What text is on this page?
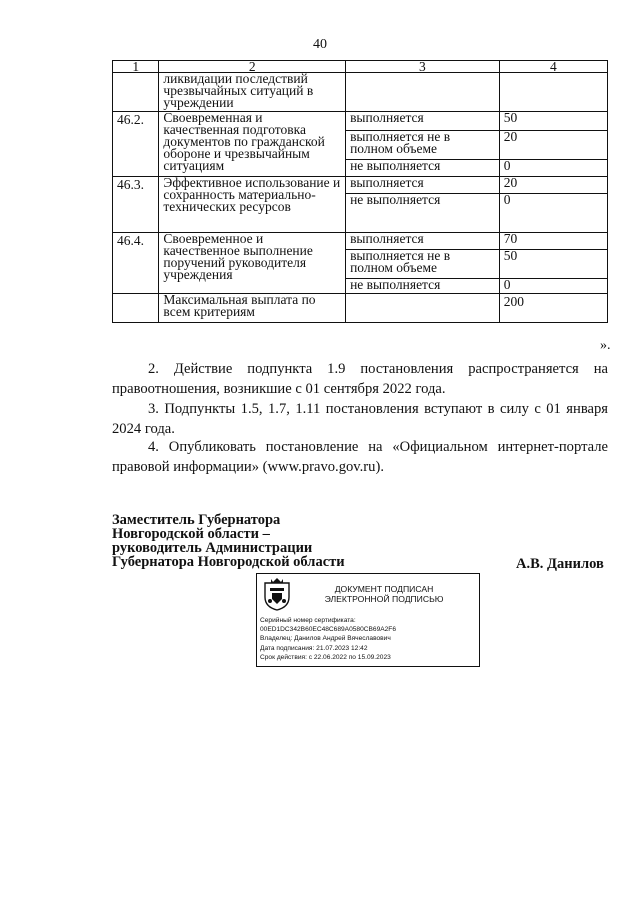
40
1	2	3	4
	ликвидации последствий чрезвычайных ситуаций в учреждении		

46.2.	Своевременная и качественная подготовка документов по гражданской обороне и чрезвычайным ситуациям	выполняется	50
		выполняется не в полном объеме	20
		не выполняется	0

46.3.	Эффективное использование и сохранность материально-технических ресурсов	выполняется	20
		не выполняется	0

46.4.	Своевременное и качественное выполнение поручений руководителя учреждения	выполняется	70
		выполняется не в полном объеме	50
		не выполняется	0
	Максимальная выплата по всем критериям		200
».
2. Действие подпункта 1.9 постановления распространяется на правоотношения, возникшие с 01 сентября 2022 года.
3. Подпункты 1.5, 1.7, 1.11 постановления вступают в силу с 01 января 2024 года.
4. Опубликовать постановление на «Официальном интернет-портале правовой информации» (www.pravo.gov.ru).
Заместитель Губернатора
Новгородской области –
руководитель Администрации
Губернатора Новгородской области	А.В. Данилов
ДОКУМЕНТ ПОДПИСАН
ЭЛЕКТРОННОЙ ПОДПИСЬЮ
Серийный номер сертификата:
00ED1DC342B60EC48C689A0580CB69A2F6
Владелец: Данилов Андрей Вячеславович
Дата подписания: 21.07.2023 12:42
Срок действия: с 22.06.2022 по 15.09.2023
